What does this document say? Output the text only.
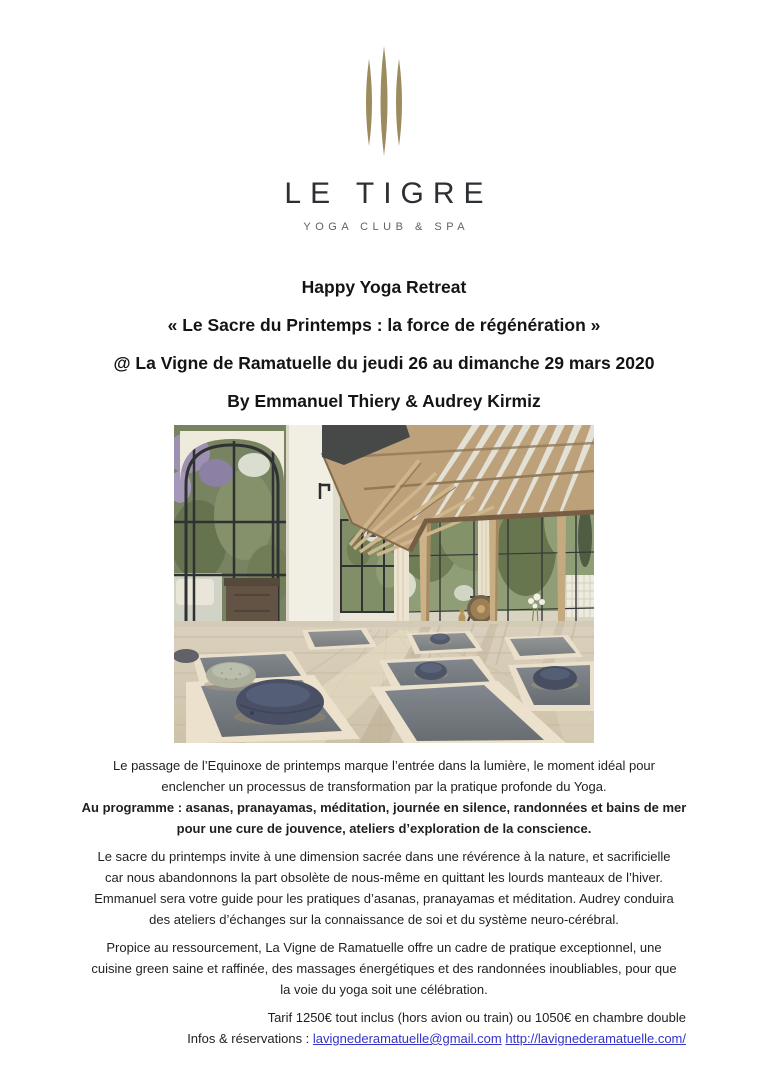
LE TIGRE
YOGA CLUB & SPA
Happy Yoga Retreat
« Le Sacre du Printemps : la force de régénération »
@ La Vigne de Ramatuelle du jeudi 26 au dimanche 29 mars 2020
By Emmanuel Thiery & Audrey Kirmiz
Le passage de l’Equinoxe de printemps marque l’entrée dans la lumière, le moment idéal pour
enclencher un processus de transformation par la pratique profonde du Yoga.
Au programme : asanas, pranayamas, méditation, journée en silence, randonnées et bains de mer
pour une cure de jouvence, ateliers d’exploration de la conscience.
Le sacre du printemps invite à une dimension sacrée dans une révérence à la nature, et sacrificielle
car nous abandonnons la part obsolète de nous-même en quittant les lourds manteaux de l’hiver.
Emmanuel sera votre guide pour les pratiques d’asanas, pranayamas et méditation. Audrey conduira
des ateliers d’échanges sur la connaissance de soi et du système neuro-cérébral.
Propice au ressourcement, La Vigne de Ramatuelle offre un cadre de pratique exceptionnel, une
cuisine green saine et raffinée, des massages énergétiques et des randonnées inoubliables, pour que
la voie du yoga soit une célébration.
Tarif 1250€ tout inclus (hors avion ou train) ou 1050€ en chambre double
Infos & réservations : lavignederamatuelle@gmail.com http://lavignederamatuelle.com/
